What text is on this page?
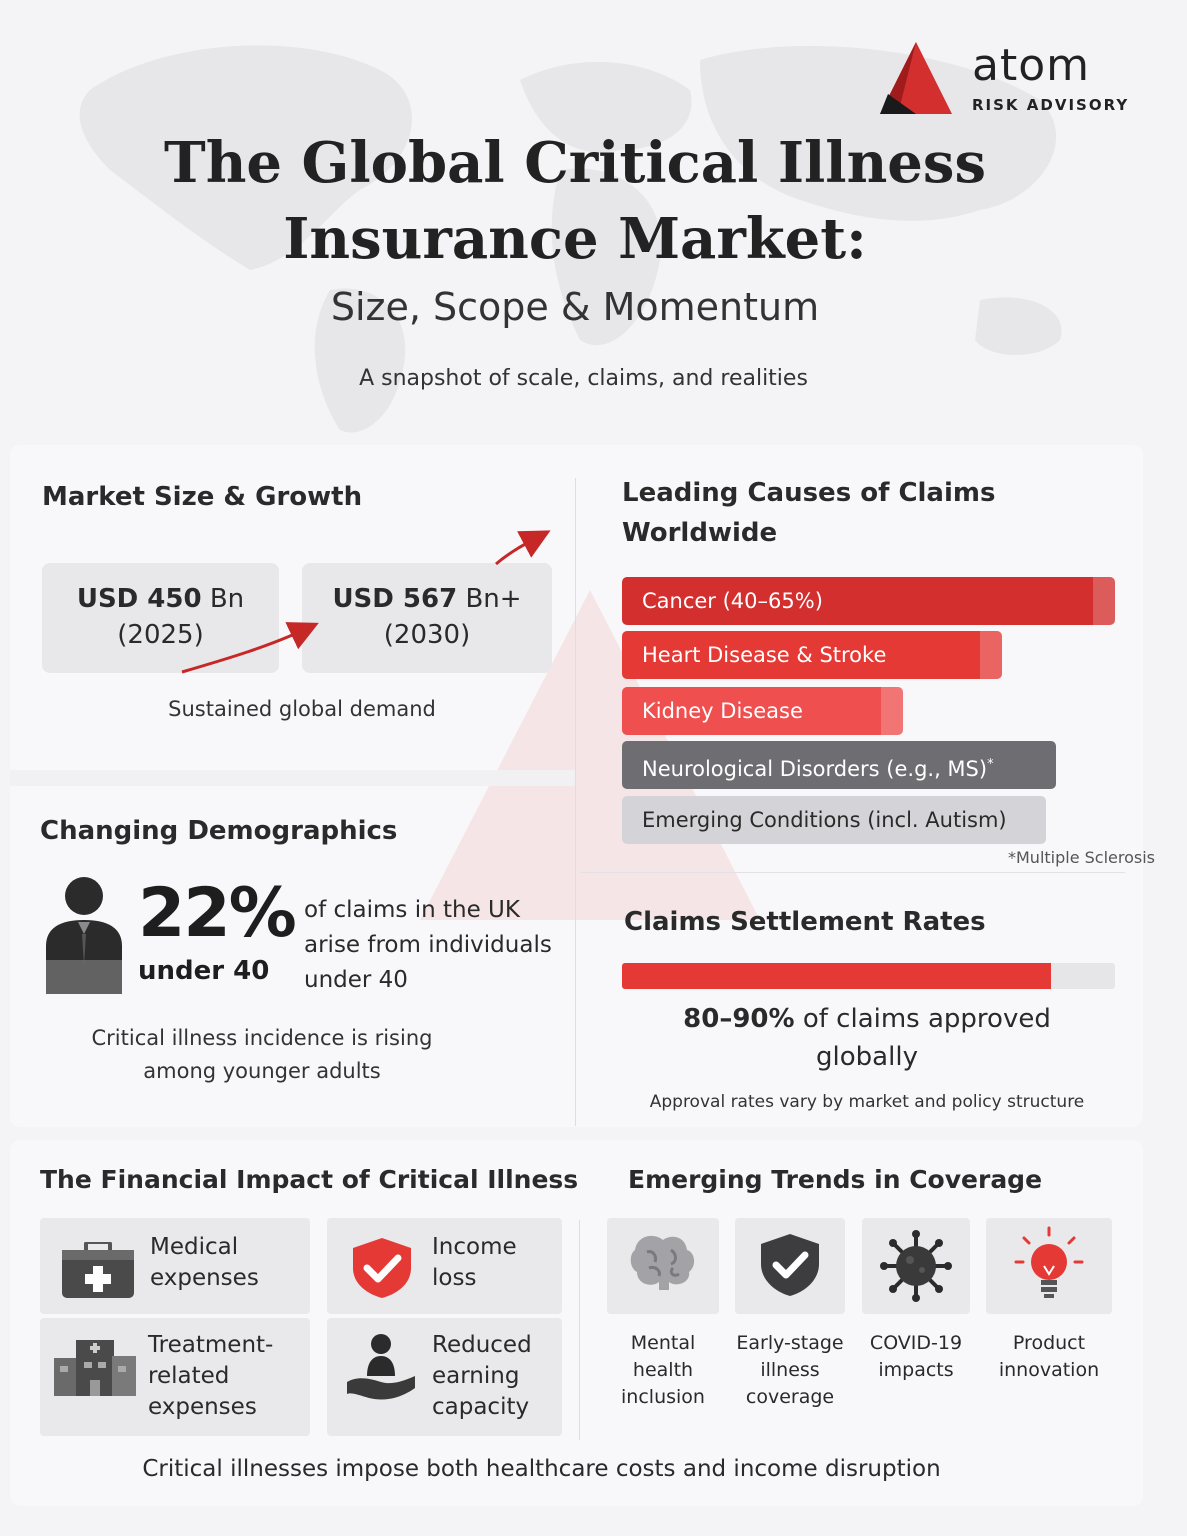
atom
RISK ADVISORY
The Global Critical Illness
Insurance Market:
Size, Scope & Momentum
A snapshot of scale, claims, and realities
Market Size & Growth
USD 450 Bn
(2025)
USD 567 Bn+
(2030)
Sustained global demand
Leading Causes of Claims
Worldwide
Cancer (40–65%)
Heart Disease & Stroke
Kidney Disease
Neurological Disorders (e.g., MS)*
Emerging Conditions (incl. Autism)
*Multiple Sclerosis
Changing Demographics
22%
under 40
of claims in the UK
arise from individuals
under 40
Critical illness incidence is rising
among younger adults
Claims Settlement Rates
80–90% of claims approved
globally
Approval rates vary by market and policy structure
The Financial Impact of Critical Illness Emerging Trends in Coverage
Medical
expenses
Income
loss
Treatment-
related
expenses
Reduced
earning
capacity
Mental
health
inclusion
Early-stage
illness
coverage
COVID-19
impacts
Product
innovation
Critical illnesses impose both healthcare costs and income disruption
